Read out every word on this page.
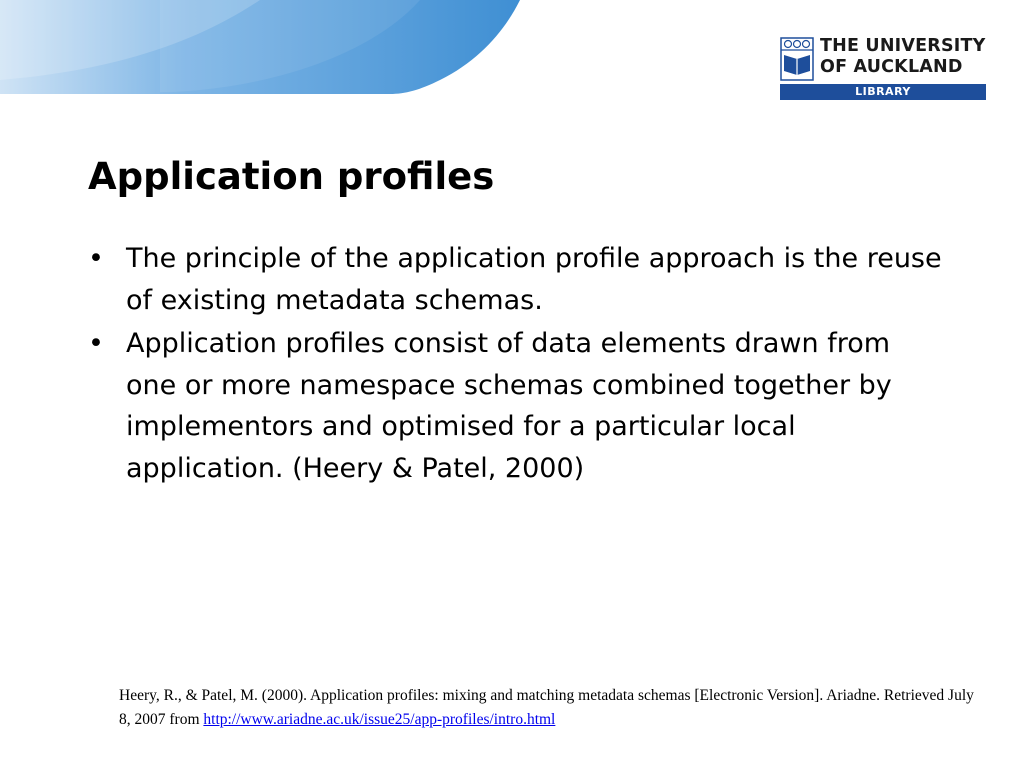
THE UNIVERSITY
OF AUCKLAND
LIBRARY
Application profiles
• The principle of the application profile approach is the reuse of existing metadata schemas.
• Application profiles consist of data elements drawn from one or more namespace schemas combined together by implementors and optimised for a particular local application. (Heery & Patel, 2000)
Heery, R., & Patel, M. (2000). Application profiles: mixing and matching metadata schemas [Electronic Version]. Ariadne. Retrieved July 8, 2007 from http://www.ariadne.ac.uk/issue25/app-profiles/intro.html
